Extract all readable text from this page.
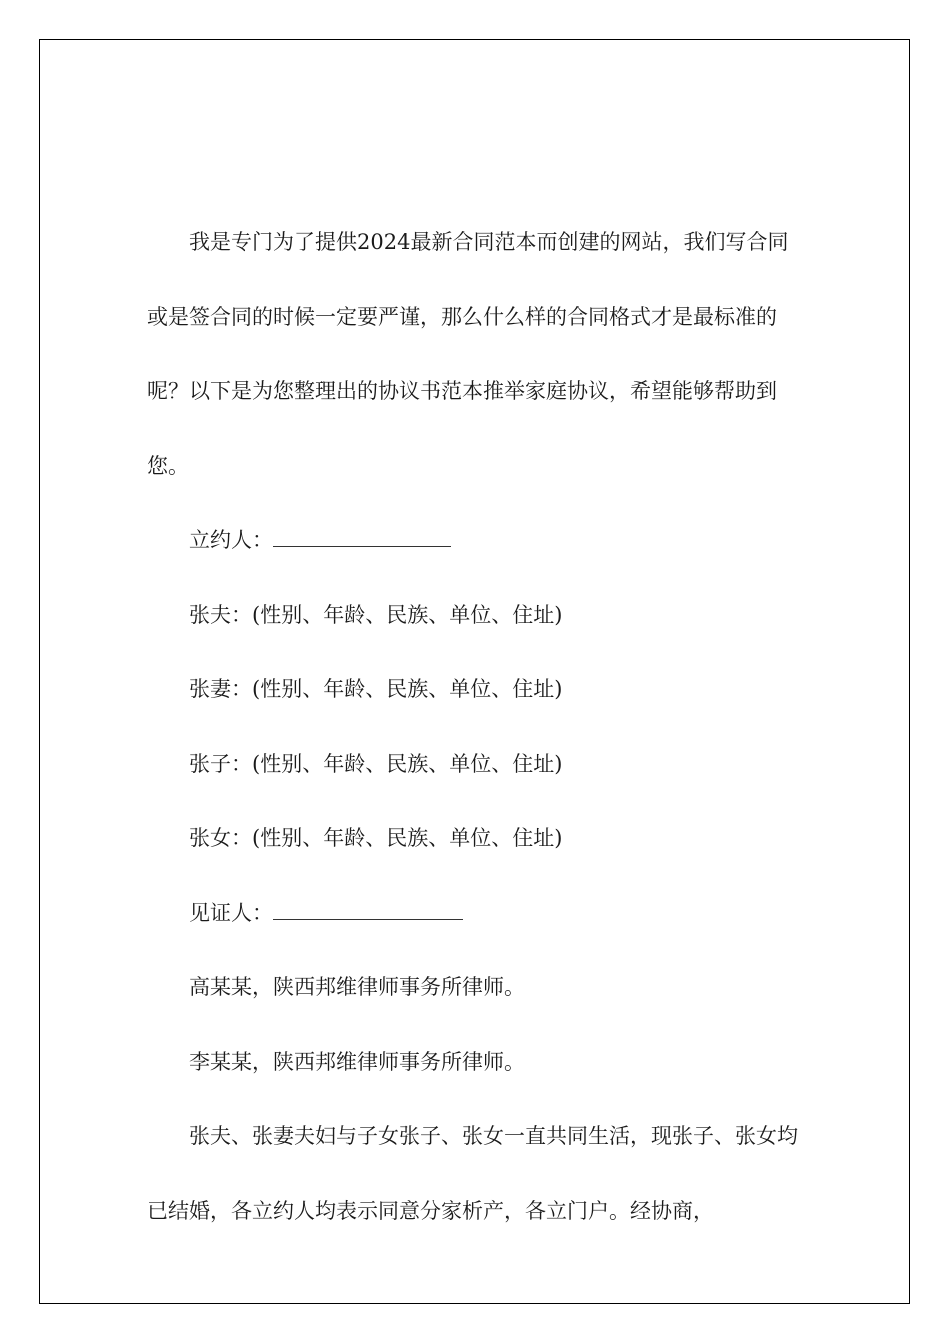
我是专门为了提供2024最新合同范本而创建的网站，我们写合同或是签合同的时候一定要严谨，那么什么样的合同格式才是最标准的呢？以下是为您整理出的协议书范本推举家庭协议，希望能够帮助到您。

立约人：

张夫：(性别、年龄、民族、单位、住址)

张妻：(性别、年龄、民族、单位、住址)

张子：(性别、年龄、民族、单位、住址)

张女：(性别、年龄、民族、单位、住址)

见证人：

高某某，陕西邦维律师事务所律师。

李某某，陕西邦维律师事务所律师。

张夫、张妻夫妇与子女张子、张女一直共同生活，现张子、张女均已结婚，各立约人均表示同意分家析产，各立门户。经协商，
